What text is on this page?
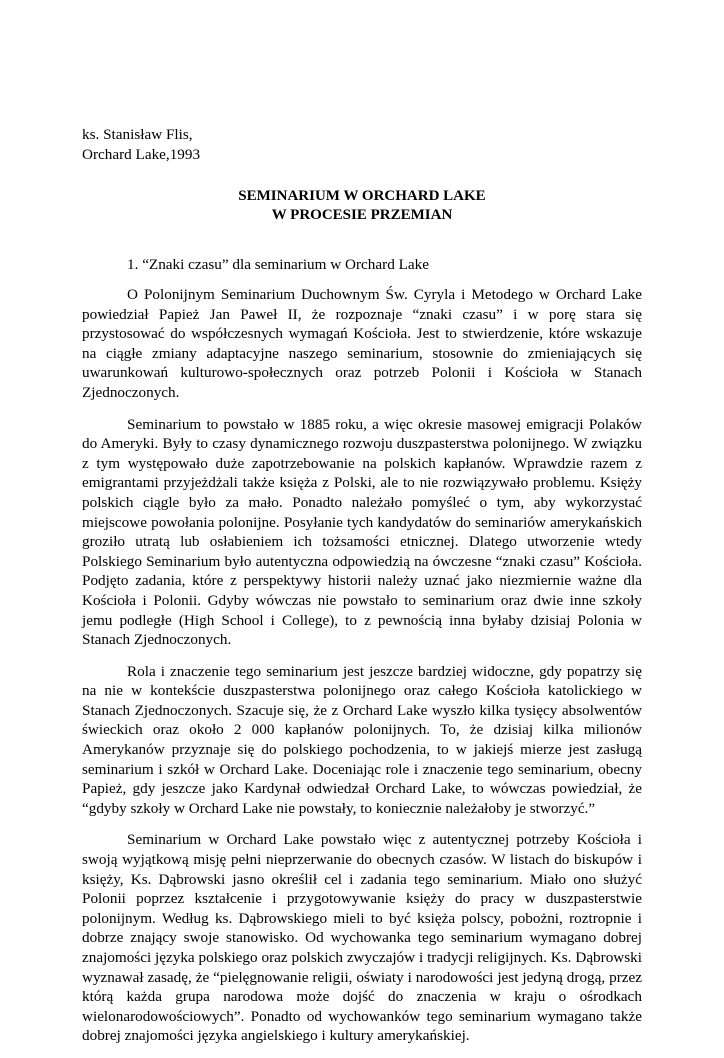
ks. Stanisław Flis,
Orchard Lake,1993
SEMINARIUM W ORCHARD LAKE
W PROCESIE PRZEMIAN
1. “Znaki czasu” dla seminarium w Orchard Lake

O Polonijnym Seminarium Duchownym Św. Cyryla i Metodego w Orchard Lake powiedział Papież Jan Paweł II, że rozpoznaje “znaki czasu” i w porę stara się przystosować do współczesnych wymagań Kościoła. Jest to stwierdzenie, które wskazuje na ciągłe zmiany adaptacyjne naszego seminarium, stosownie do zmieniających się uwarunkowań kulturowo-społecznych oraz potrzeb Polonii i Kościoła w Stanach Zjednoczonych.

Seminarium to powstało w 1885 roku, a więc okresie masowej emigracji Polaków do Ameryki. Były to czasy dynamicznego rozwoju duszpasterstwa polonijnego. W związku z tym występowało duże zapotrzebowanie na polskich kapłanów. Wprawdzie razem z emigrantami przyjeżdżali także księża z Polski, ale to nie rozwiązywało problemu. Księży polskich ciągle było za mało. Ponadto należało pomyśleć o tym, aby wykorzystać miejscowe powołania polonijne. Posyłanie tych kandydatów do seminariów amerykańskich groziło utratą lub osłabieniem ich tożsamości etnicznej. Dlatego utworzenie wtedy Polskiego Seminarium było autentyczna odpowiedzią na ówczesne “znaki czasu” Kościoła. Podjęto zadania, które z perspektywy historii należy uznać jako niezmiernie ważne dla Kościoła i Polonii. Gdyby wówczas nie powstało to seminarium oraz dwie inne szkoły jemu podległe (High School i College), to z pewnością inna byłaby dzisiaj Polonia w Stanach Zjednoczonych.

Rola i znaczenie tego seminarium jest jeszcze bardziej widoczne, gdy popatrzy się na nie w kontekście duszpasterstwa polonijnego oraz całego Kościoła katolickiego w Stanach Zjednoczonych. Szacuje się, że z Orchard Lake wyszło kilka tysięcy absolwentów świeckich oraz około 2 000 kapłanów polonijnych. To, że dzisiaj kilka milionów Amerykanów przyznaje się do polskiego pochodzenia, to w jakiejś mierze jest zasługą seminarium i szkół w Orchard Lake. Doceniając role i znaczenie tego seminarium, obecny Papież, gdy jeszcze jako Kardynał odwiedzał Orchard Lake, to wówczas powiedział, że “gdyby szkoły w Orchard Lake nie powstały, to koniecznie należałoby je stworzyć.”

Seminarium w Orchard Lake powstało więc z autentycznej potrzeby Kościoła i swoją wyjątkową misję pełni nieprzerwanie do obecnych czasów. W listach do biskupów i księży, Ks. Dąbrowski jasno określił cel i zadania tego seminarium. Miało ono służyć Polonii poprzez kształcenie i przygotowywanie księży do pracy w duszpasterstwie polonijnym. Według ks. Dąbrowskiego mieli to być księża polscy, pobożni, roztropnie i dobrze znający swoje stanowisko. Od wychowanka tego seminarium wymagano dobrej znajomości języka polskiego oraz polskich zwyczajów i tradycji religijnych. Ks. Dąbrowski wyznawał zasadę, że “pielęgnowanie religii, oświaty i narodowości jest jedyną drogą, przez którą każda grupa narodowa może dojść do znaczenia w kraju o ośrodkach wielonarodowościowych”. Ponadto od wychowanków tego seminarium wymagano także dobrej znajomości języka angielskiego i kultury amerykańskiej.
